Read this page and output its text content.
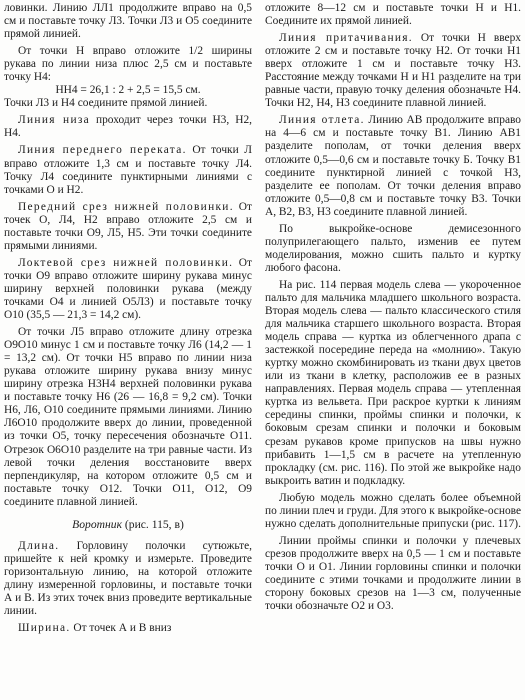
ловинки. Линию ЛЛ1 продолжите вправо на 0,5 см и поставьте точку Л3. Точки Л3 и О5 соедините прямой линией.

От точки Н вправо отложите 1/2 ширины рукава по линии низа плюс 2,5 см и поставьте точку Н4:

НН4 = 26,1 : 2 + 2,5 = 15,5 см.

Точки Л3 и Н4 соедините прямой линией.

Линия низа проходит через точки Н3, Н2, Н4.

Линия переднего переката. От точки Л вправо отложите 1,3 см и поставьте точку Л4. Точку Л4 соедините пунктирными линиями с точками О и Н2.

Передний срез нижней половинки. От точек О, Л4, Н2 вправо отложите 2,5 см и поставьте точки О9, Л5, Н5. Эти точки соедините прямыми линиями.

Локтевой срез нижней половинки. От точки О9 вправо отложите ширину рукава минус ширину верхней половинки рукава (между точками О4 и линией О5Л3) и поставьте точку О10 (35,5 — 21,3 = 14,2 см).

От точки Л5 вправо отложите длину отрезка О9О10 минус 1 см и поставьте точку Л6 (14,2 — 1 = 13,2 см). От точки Н5 вправо по линии низа рукава отложите ширину рукава внизу минус ширину отрезка Н3Н4 верхней половинки рукава и поставьте точку Н6 (26 — 16,8 = 9,2 см). Точки Н6, Л6, О10 соедините прямыми линиями. Линию Л6О10 продолжите вверх до линии, проведенной из точки О5, точку пересечения обозначьте О11. Отрезок О6О10 разделите на три равные части. Из левой точки деления восстановите вверх перпендикуляр, на котором отложите 0,5 см и поставьте точку О12. Точки О11, О12, О9 соедините плавной линией.

Воротник (рис. 115, в)

Длина. Горловину полочки сутюжьте, пришейте к ней кромку и измерьте. Проведите горизонтальную линию, на которой отложите длину измеренной горловины, и поставьте точки А и В. Из этих точек вниз проведите вертикальные линии.

Ширина. От точек А и В вниз

отложите 8—12 см и поставьте точки Н и Н1. Соедините их прямой линией.

Линия притачивания. От точки Н вверх отложите 2 см и поставьте точку Н2. От точки Н1 вверх отложите 1 см и поставьте точку Н3. Расстояние между точками Н и Н1 разделите на три равные части, правую точку деления обозначьте Н4. Точки Н2, Н4, Н3 соедините плавной линией.

Линия отлета. Линию АВ продолжите вправо на 4—6 см и поставьте точку В1. Линию АВ1 разделите пополам, от точки деления вверх отложите 0,5—0,6 см и поставьте точку Б. Точку В1 соедините пунктирной линией с точкой Н3, разделите ее пополам. От точки деления вправо отложите 0,5—0,8 см и поставьте точку В3. Точки А, В2, В3, Н3 соедините плавной линией.

По выкройке-основе демисезонного полуприлегающего пальто, изменив ее путем моделирования, можно сшить пальто и куртку любого фасона.

На рис. 114 первая модель слева — укороченное пальто для мальчика младшего школьного возраста. Вторая модель слева — пальто классического стиля для мальчика старшего школьного возраста. Вторая модель справа — куртка из облегченного драпа с застежкой посередине переда на «молнию». Такую куртку можно скомбинировать из ткани двух цветов или из ткани в клетку, расположив ее в разных направлениях. Первая модель справа — утепленная куртка из вельвета. При раскрое куртки к линиям середины спинки, проймы спинки и полочки, к боковым срезам спинки и полочки и боковым срезам рукавов кроме припусков на швы нужно прибавить 1—1,5 см в расчете на утепленную прокладку (см. рис. 116). По этой же выкройке надо выкроить ватин и подкладку.

Любую модель можно сделать более объемной по линии плеч и груди. Для этого к выкройке-основе нужно сделать дополнительные припуски (рис. 117).

Линии проймы спинки и полочки у плечевых срезов продолжите вверх на 0,5 — 1 см и поставьте точки О и О1. Линии горловины спинки и полочки соедините с этими точками и продолжите линии в сторону боковых срезов на 1—3 см, полученные точки обозначьте О2 и О3.
